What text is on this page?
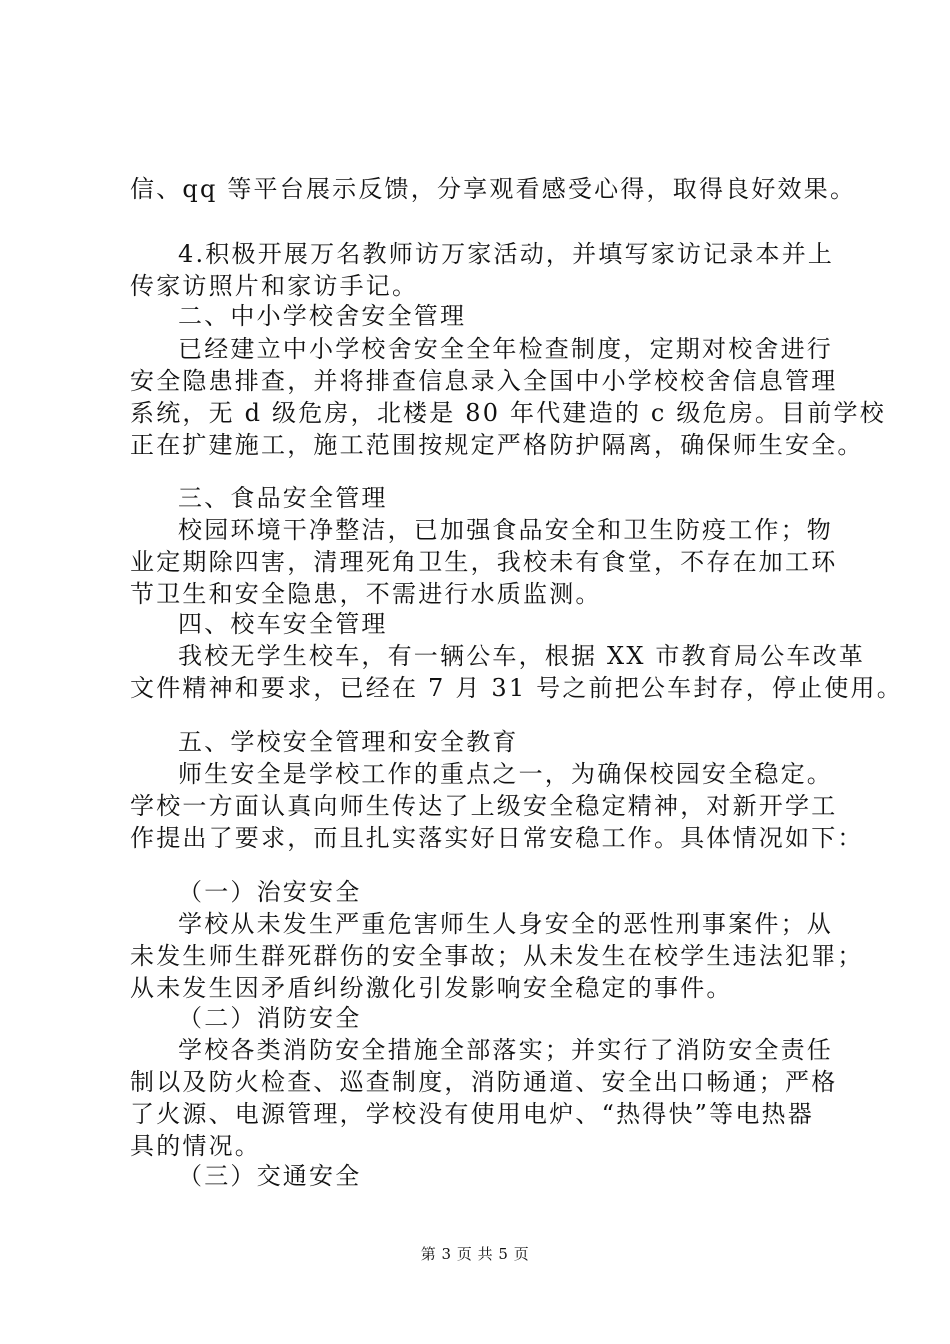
信、qq 等平台展示反馈，分享观看感受心得，取得良好效果。
4.积极开展万名教师访万家活动，并填写家访记录本并上
传家访照片和家访手记。
二、中小学校舍安全管理
已经建立中小学校舍安全全年检查制度，定期对校舍进行
安全隐患排查，并将排查信息录入全国中小学校校舍信息管理
系统，无 d 级危房，北楼是 80 年代建造的 c 级危房。目前学校
正在扩建施工，施工范围按规定严格防护隔离，确保师生安全。
三、食品安全管理
校园环境干净整洁，已加强食品安全和卫生防疫工作；物
业定期除四害，清理死角卫生，我校未有食堂，不存在加工环
节卫生和安全隐患，不需进行水质监测。
四、校车安全管理
我校无学生校车，有一辆公车，根据 XX 市教育局公车改革
文件精神和要求，已经在 7 月 31 号之前把公车封存，停止使用。
五、学校安全管理和安全教育
师生安全是学校工作的重点之一，为确保校园安全稳定。
学校一方面认真向师生传达了上级安全稳定精神，对新开学工
作提出了要求，而且扎实落实好日常安稳工作。具体情况如下：
（一）治安安全
学校从未发生严重危害师生人身安全的恶性刑事案件；从
未发生师生群死群伤的安全事故；从未发生在校学生违法犯罪；
从未发生因矛盾纠纷激化引发影响安全稳定的事件。
（二）消防安全
学校各类消防安全措施全部落实；并实行了消防安全责任
制以及防火检查、巡查制度，消防通道、安全出口畅通；严格
了火源、电源管理，学校没有使用电炉、“热得快”等电热器
具的情况。
（三）交通安全
第 3 页 共 5 页
